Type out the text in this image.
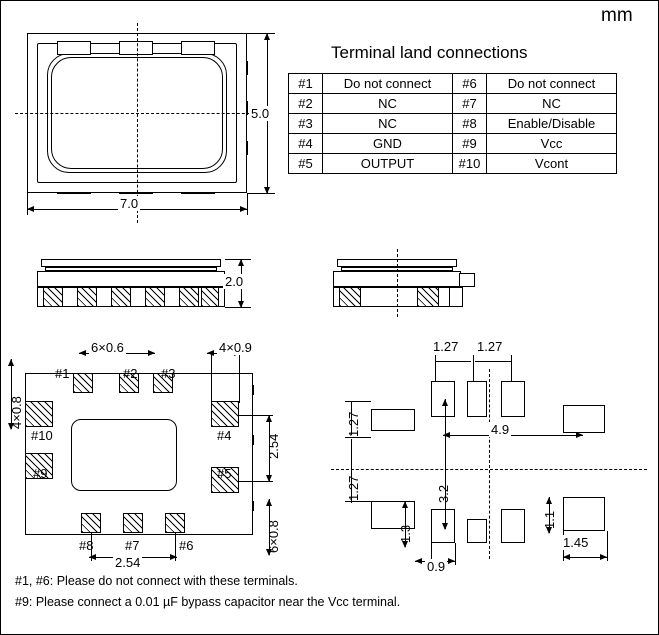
mm
7.0
5.0
Terminal land connections
#1	Do not connect	#6	Do not connect
#2	NC	#7	NC
#3	NC	#8	Enable/Disable
#4	GND	#9	Vcc
#5	OUTPUT	#10	Vcont
2.0
#1	#2 #3
#4
#5
#6
#7
#8
#9
#10
6×0.6	4×0.9
4×0.8
2.54
6×0.8
2.54
1.27 1.27
4.9
3.2
1.27
1.27
1.3
0.9
1.1
1.45
#1, #6: Please do not connect with these terminals.
#9: Please connect a 0.01 µF bypass capacitor near the Vcc terminal.
